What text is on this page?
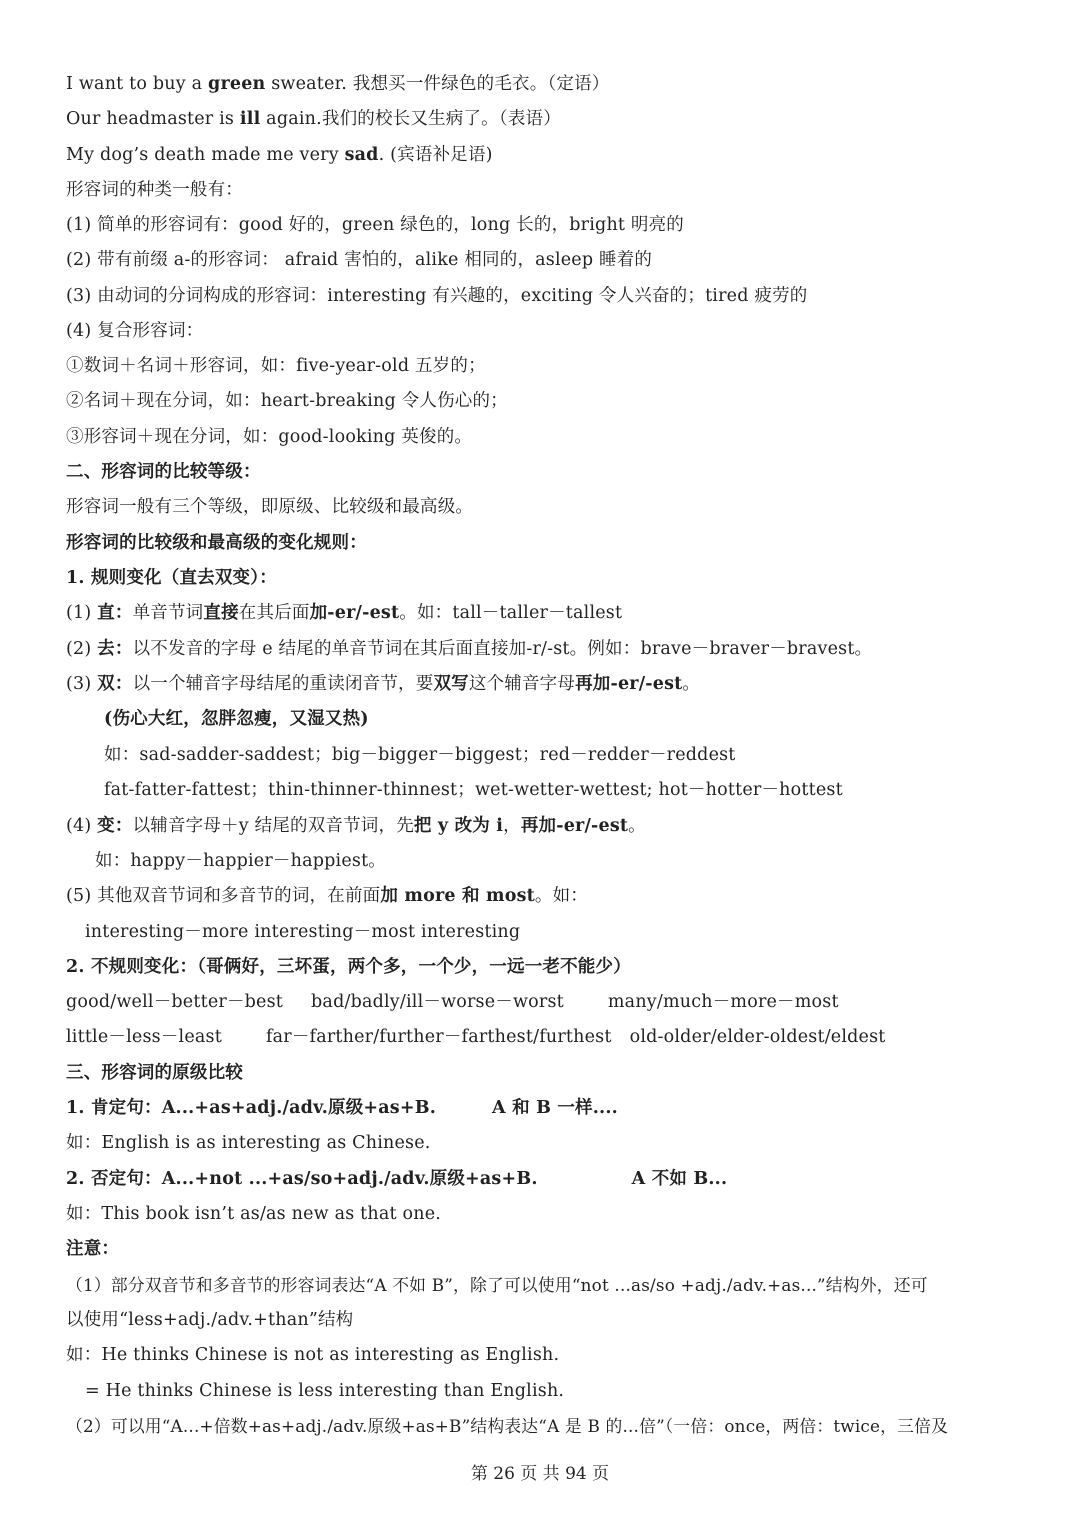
I want to buy a green sweater. 我想买一件绿色的毛衣。（定语）
Our headmaster is ill again.我们的校长又生病了。（表语）
My dog’s death made me very sad. (宾语补足语)
形容词的种类一般有：
(1) 简单的形容词有：good 好的，green 绿色的，long 长的，bright 明亮的
(2) 带有前缀 a-的形容词： afraid 害怕的，alike 相同的，asleep 睡着的
(3) 由动词的分词构成的形容词：interesting 有兴趣的，exciting 令人兴奋的；tired 疲劳的
(4) 复合形容词：
①数词＋名词＋形容词，如：five-year-old 五岁的；
②名词＋现在分词，如：heart-breaking 令人伤心的；
③形容词＋现在分词，如：good-looking 英俊的。
二、形容词的比较等级：
形容词一般有三个等级，即原级、比较级和最高级。
形容词的比较级和最高级的变化规则：
1. 规则变化（直去双变）：
(1) 直：单音节词直接在其后面加-er/-est。如：tall－taller－tallest
(2) 去：以不发音的字母 e 结尾的单音节词在其后面直接加-r/-st。例如：brave－braver－bravest。
(3) 双：以一个辅音字母结尾的重读闭音节，要双写这个辅音字母再加-er/-est。
(伤心大红，忽胖忽瘦，又湿又热)
如：sad-sadder-saddest；big－bigger－biggest；red－redder－reddest
fat-fatter-fattest；thin-thinner-thinnest；wet-wetter-wettest; hot－hotter－hottest
(4) 变：以辅音字母＋y 结尾的双音节词，先把 y 改为 i，再加-er/-est。
如：happy－happier－happiest。
(5) 其他双音节词和多音节的词，在前面加 more 和 most。如：
interesting－more interesting－most interesting
2. 不规则变化：（哥俩好，三坏蛋，两个多，一个少，一远一老不能少）
good/well－better－best bad/badly/ill－worse－worst	many/much－more－most
little－less－least	far－farther/further－farthest/furthest old-older/elder-oldest/eldest
三、形容词的原级比较
1. 肯定句：A...+as+adj./adv.原级+as+B.	A 和 B 一样....
如：English is as interesting as Chinese.
2. 否定句：A...+not ...+as/so+adj./adv.原级+as+B.	A 不如 B...
如：This book isn’t as/as new as that one.
注意：
（1）部分双音节和多音节的形容词表达“A 不如 B”，除了可以使用“not ...as/so +adj./adv.+as...”结构外，还可
以使用“less+adj./adv.+than”结构
如：He thinks Chinese is not as interesting as English.
= He thinks Chinese is less interesting than English.
（2）可以用“A...+倍数+as+adj./adv.原级+as+B”结构表达“A 是 B 的...倍”（一倍：once，两倍：twice，三倍及
第 26 页 共 94 页
